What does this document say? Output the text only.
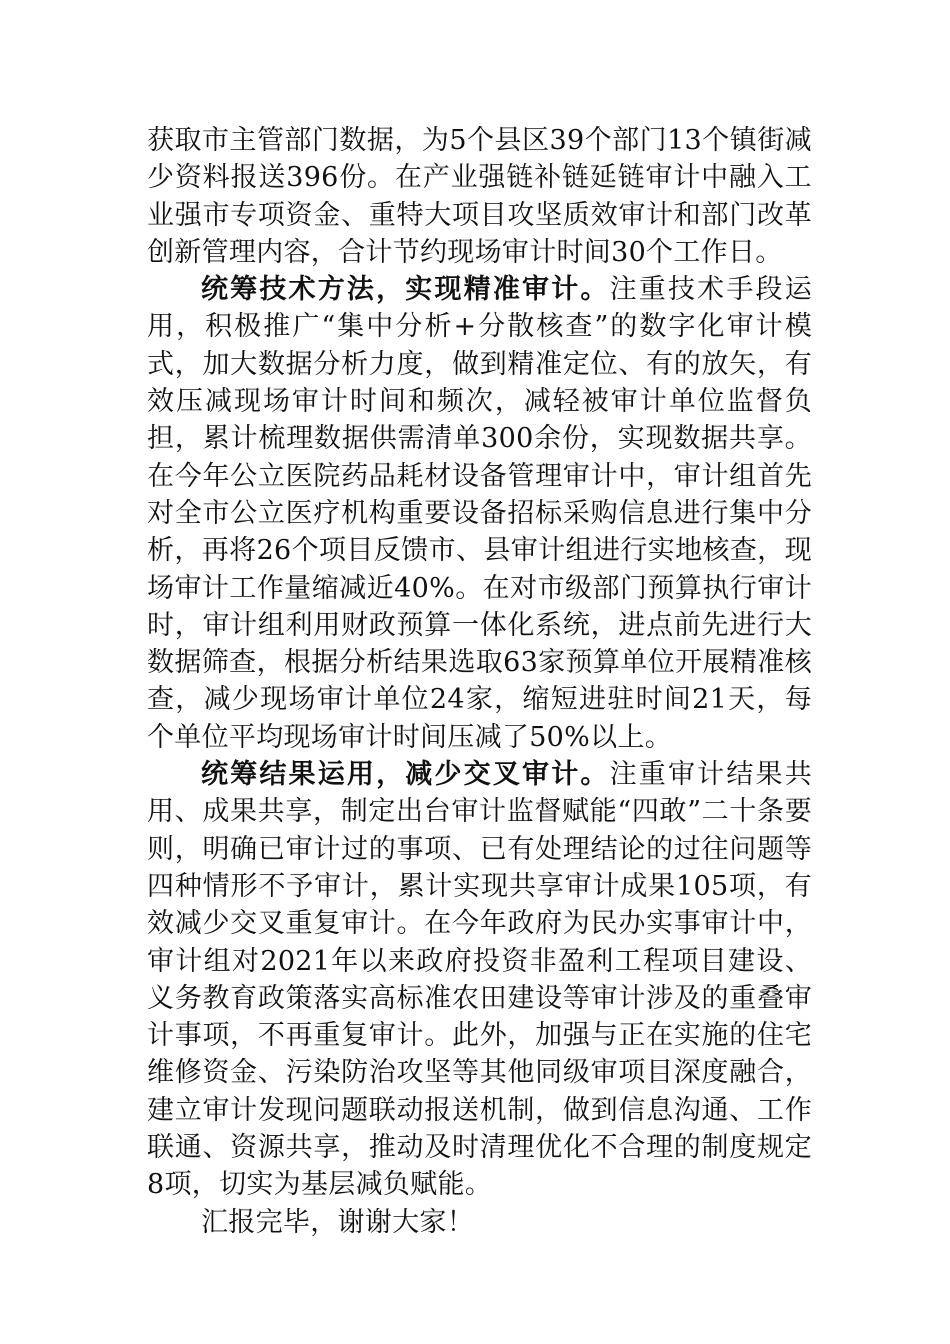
获取市主管部门数据，为5个县区39个部门13个镇街减少资料报送396份。在产业强链补链延链审计中融入工业强市专项资金、重特大项目攻坚质效审计和部门改革创新管理内容，合计节约现场审计时间30个工作日。

统筹技术方法，实现精准审计。注重技术手段运用，积极推广“集中分析+分散核查”的数字化审计模式，加大数据分析力度，做到精准定位、有的放矢，有效压减现场审计时间和频次，减轻被审计单位监督负担，累计梳理数据供需清单300余份，实现数据共享。在今年公立医院药品耗材设备管理审计中，审计组首先对全市公立医疗机构重要设备招标采购信息进行集中分析，再将26个项目反馈市、县审计组进行实地核查，现场审计工作量缩减近40%。在对市级部门预算执行审计时，审计组利用财政预算一体化系统，进点前先进行大数据筛查，根据分析结果选取63家预算单位开展精准核查，减少现场审计单位24家，缩短进驻时间21天，每个单位平均现场审计时间压减了50%以上。

统筹结果运用，减少交叉审计。注重审计结果共用、成果共享，制定出台审计监督赋能“四敢”二十条要则，明确已审计过的事项、已有处理结论的过往问题等四种情形不予审计，累计实现共享审计成果105项，有效减少交叉重复审计。在今年政府为民办实事审计中，审计组对2021年以来政府投资非盈利工程项目建设、义务教育政策落实高标准农田建设等审计涉及的重叠审计事项，不再重复审计。此外，加强与正在实施的住宅维修资金、污染防治攻坚等其他同级审项目深度融合，建立审计发现问题联动报送机制，做到信息沟通、工作联通、资源共享，推动及时清理优化不合理的制度规定8项，切实为基层减负赋能。

汇报完毕，谢谢大家！
